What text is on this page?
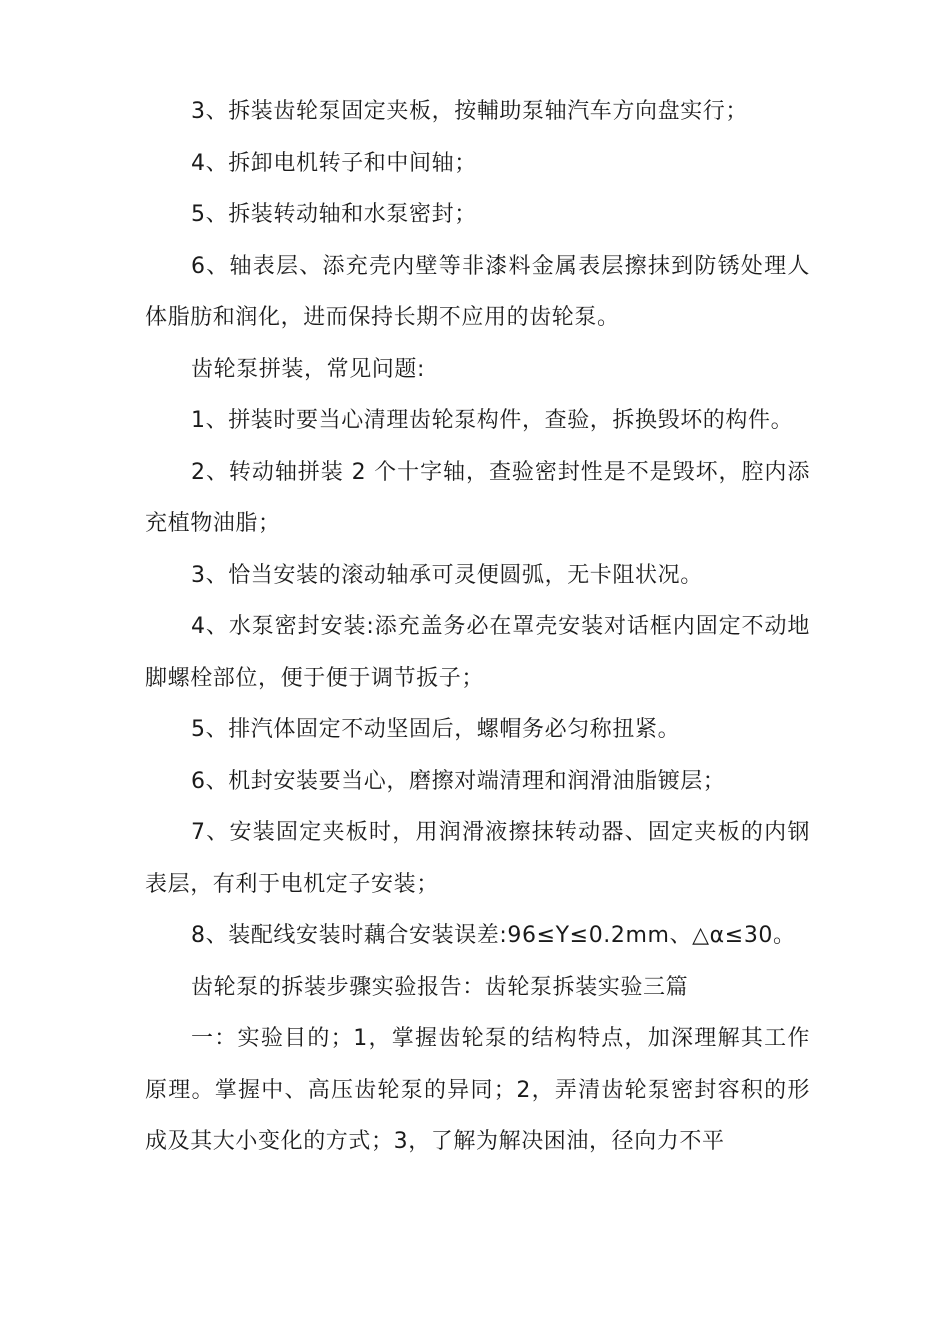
3、拆装齿轮泵固定夹板，按輔助泵轴汽车方向盘实行；

4、拆卸电机转子和中间轴；

5、拆装转动轴和水泵密封；

6、轴表层、添充壳内壁等非漆料金属表层擦抹到防锈处理人体脂肪和润化，进而保持长期不应用的齿轮泵。

齿轮泵拼装，常见问题:

1、拼装时要当心清理齿轮泵构件，查验，拆换毁坏的构件。

2、转动轴拼装 2 个十字轴，查验密封性是不是毁坏，腔内添充植物油脂；

3、恰当安装的滚动轴承可灵便圆弧，无卡阻状况。

4、水泵密封安装:添充盖务必在罩壳安装对话框内固定不动地脚螺栓部位，便于便于调节扳子；

5、排汽体固定不动坚固后，螺帽务必匀称扭紧。

6、机封安装要当心，磨擦对端清理和润滑油脂镀层；

7、安装固定夹板时，用润滑液擦抹转动器、固定夹板的内钢表层，有利于电机定子安装；

8、装配线安装时藕合安装误差:96≤Y≤0.2mm、△α≤30。

齿轮泵的拆装步骤实验报告：齿轮泵拆装实验三篇

一：实验目的；1，掌握齿轮泵的结构特点，加深理解其工作原理。掌握中、高压齿轮泵的异同；2，弄清齿轮泵密封容积的形成及其大小变化的方式；3，了解为解决困油，径向力不平
